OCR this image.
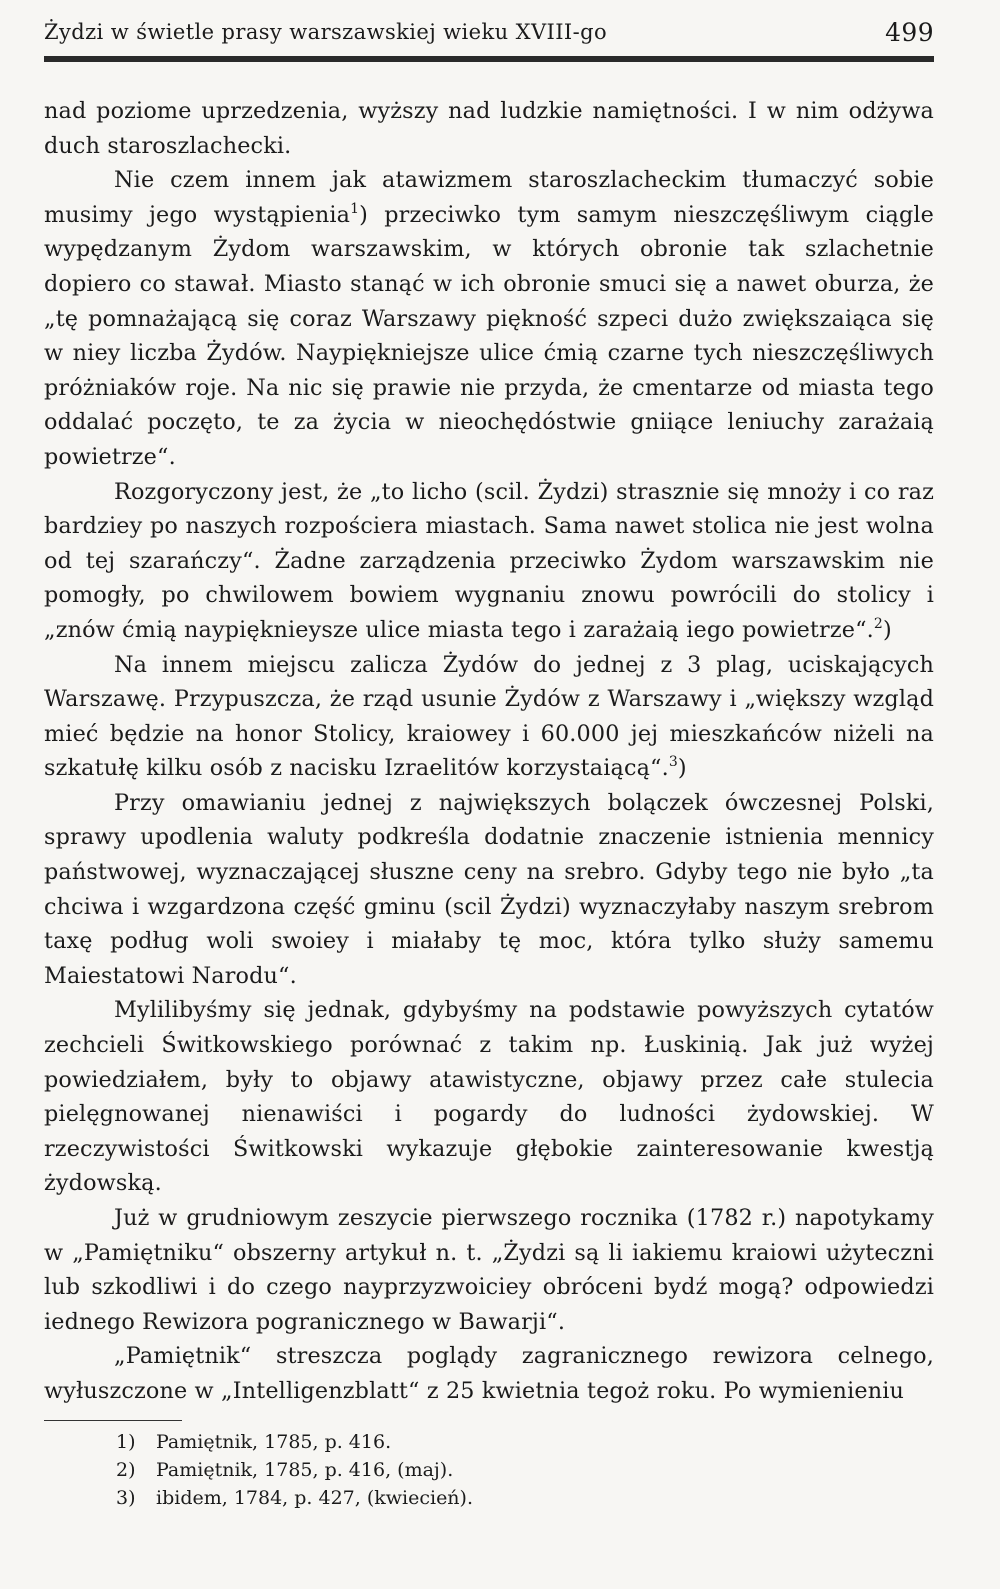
Żydzi w świetle prasy warszawskiej wieku XVIII-go	499

nad poziome uprzedzenia, wyższy nad ludzkie namiętności. I w nim odżywa duch staroszlachecki.

Nie czem innem jak atawizmem staroszlacheckim tłumaczyć sobie musimy jego wystąpienia$^1$) przeciwko tym samym nieszczęśliwym ciągle wypędzanym Żydom warszawskim, w których obronie tak szlachetnie dopiero co stawał. Miasto stanąć w ich obronie smuci się a nawet oburza, że „tę pomnażającą się coraz Warszawy piękność szpeci dużo zwiększaiąca się w niey liczba Żydów. Naypiękniejsze ulice ćmią czarne tych nieszczęśliwych próżniaków roje. Na nic się prawie nie przyda, że cmentarze od miasta tego oddalać poczęto, te za życia w nieochędóstwie gniiące leniuchy zarażaią powietrze“.

Rozgoryczony jest, że „to licho (scil. Żydzi) strasznie się mnoży i co raz bardziey po naszych rozpościera miastach. Sama nawet stolica nie jest wolna od tej szarańczy“. Żadne zarządzenia przeciwko Żydom warszawskim nie pomogły, po chwilowem bowiem wygnaniu znowu powrócili do stolicy i „znów ćmią naypięknieysze ulice miasta tego i zarażaią iego powietrze“.$^2$)

Na innem miejscu zalicza Żydów do jednej z 3 plag, uciskających Warszawę. Przypuszcza, że rząd usunie Żydów z Warszawy i „większy wzgląd mieć będzie na honor Stolicy, kraiowey i 60.000 jej mieszkańców niżeli na szkatułę kilku osób z nacisku Izraelitów korzystaiącą“.$^3$)

Przy omawianiu jednej z największych bolączek ówczesnej Polski, sprawy upodlenia waluty podkreśla dodatnie znaczenie istnienia mennicy państwowej, wyznaczającej słuszne ceny na srebro. Gdyby tego nie było „ta chciwa i wzgardzona część gminu (scil Żydzi) wyznaczyłaby naszym srebrom taxę podług woli swoiey i miałaby tę moc, która tylko służy samemu Maiestatowi Narodu“.

Mylilibyśmy się jednak, gdybyśmy na podstawie powyższych cytatów zechcieli Świtkowskiego porównać z takim np. Łuskinią. Jak już wyżej powiedziałem, były to objawy atawistyczne, objawy przez całe stulecia pielęgnowanej nienawiści i pogardy do ludności żydowskiej. W rzeczywistości Świtkowski wykazuje głębokie zainteresowanie kwestją żydowską.

Już w grudniowym zeszycie pierwszego rocznika (1782 r.) napotykamy w „Pamiętniku“ obszerny artykuł n. t. „Żydzi są li iakiemu kraiowi użyteczni lub szkodliwi i do czego nayprzyzwoiciey obróceni bydź mogą? odpowiedzi iednego Rewizora pogranicznego w Bawarji“.

„Pamiętnik“ streszcza poglądy zagranicznego rewizora celnego, wyłuszczone w „Intelligenzblatt“ z 25 kwietnia tegoż roku. Po wymienieniu

1) Pamiętnik, 1785, p. 416.
2) Pamiętnik, 1785, p. 416, (maj).
3) ibidem, 1784, p. 427, (kwiecień).
